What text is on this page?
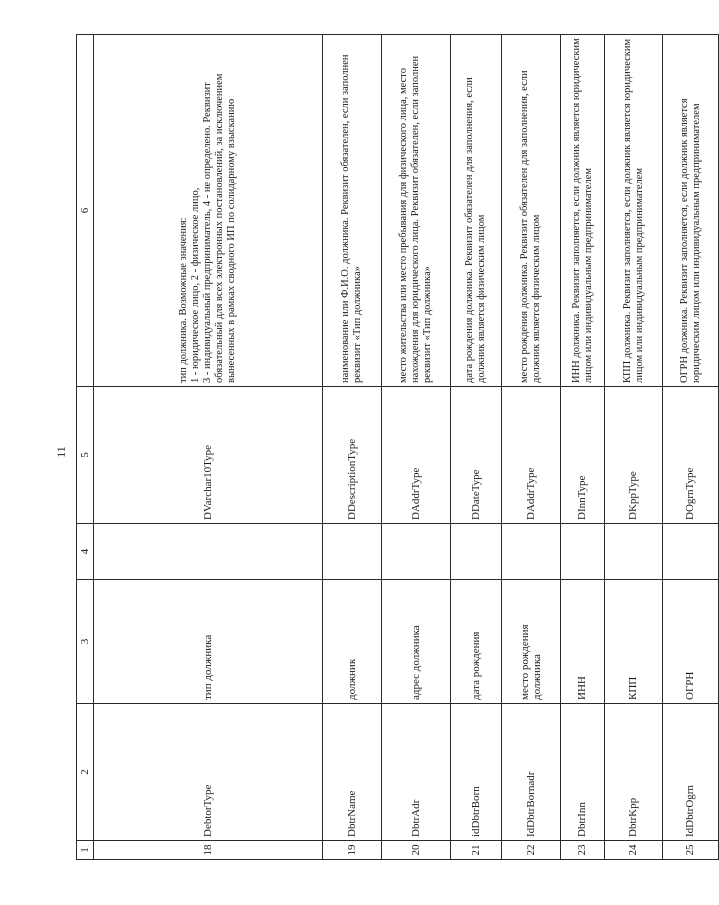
11
1	2	3	4	5	6
18	DebtorType	тип должника		DVarchar10Type	тип должника. Возможные значения:
1 - юридическое лицо, 2 - физическое лицо,
3 - индивидуальный предприниматель, 4 - не определено. Реквизит обязательный для всех электронных постановлений, за исключением вынесенных в рамках сводного ИП по солидарному взысканию
19	DbtrName	должник		DDescriptionType	наименование или Ф.И.О. должника. Реквизит обязателен, если заполнен реквизит «Тип должника»
20	DbtrAdr	адрес должника		DAddrType	место жительства или место пребывания для физического лица, место нахождения для юридического лица. Реквизит обязателен, если заполнен реквизит «Тип должника»
21	idDbtrBorn	дата рождения		DDateType	дата рождения должника. Реквизит обязателен для заполнения, если должник является физическим лицом
22	IdDbtrBornadr	место рождения должника		DAddrType	место рождения должника. Реквизит обязателен для заполнения, если должник является физическим лицом
23	DbtrInn	ИНН		DInnType	ИНН должника. Реквизит заполняется, если должник является юридическим лицом или индивидуальным предпринимателем
24	DbtrKpp	КПП		DKppType	КПП должника. Реквизит заполняется, если должник является юридическим лицом или индивидуальным предпринимателем
25	IdDbtrOgrn	ОГРН		DOgrnType	ОГРН должника. Реквизит заполняется, если должник является юридическим лицом или индивидуальным предпринимателем
